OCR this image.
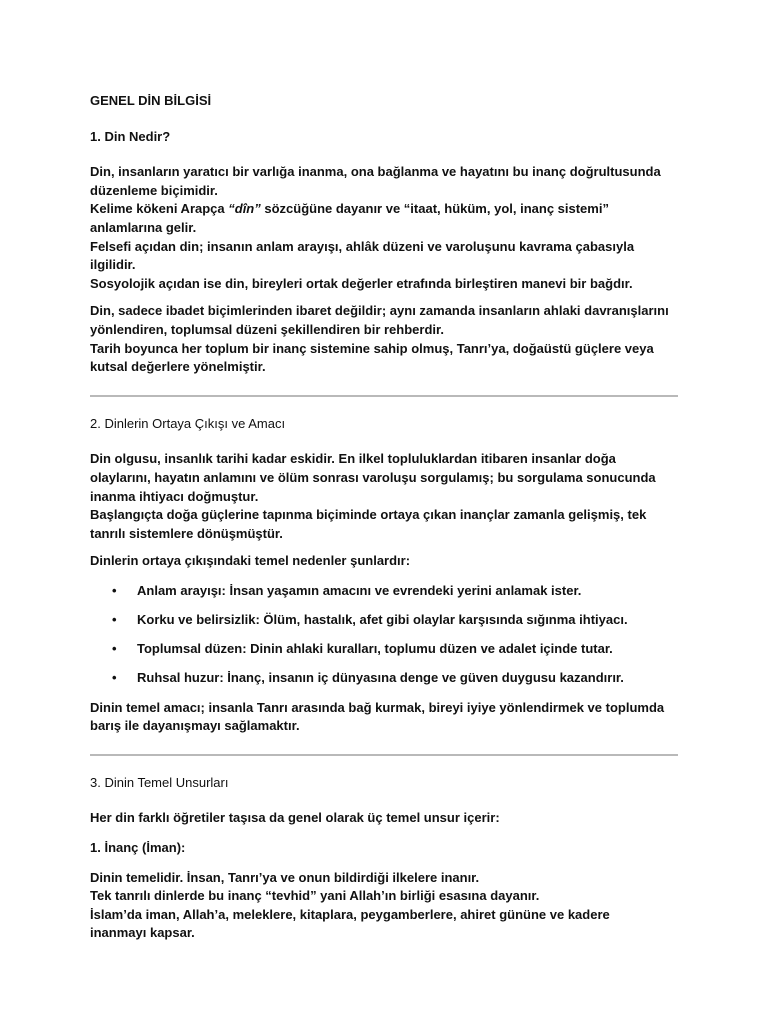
GENEL DİN BİLGİSİ

1. Din Nedir?

Din, insanların yaratıcı bir varlığa inanma, ona bağlanma ve hayatını bu inanç doğrultusunda

düzenleme biçimidir.

Kelime kökeni Arapça “dîn” sözcüğüne dayanır ve “itaat, hüküm, yol, inanç sistemi”

anlamlarına gelir.

Felsefi açıdan din; insanın anlam arayışı, ahlâk düzeni ve varoluşunu kavrama çabasıyla

ilgilidir.

Sosyolojik açıdan ise din, bireyleri ortak değerler etrafında birleştiren manevi bir bağdır.

Din, sadece ibadet biçimlerinden ibaret değildir; aynı zamanda insanların ahlaki davranışlarını

yönlendiren, toplumsal düzeni şekillendiren bir rehberdir.

Tarih boyunca her toplum bir inanç sistemine sahip olmuş, Tanrı’ya, doğaüstü güçlere veya

kutsal değerlere yönelmiştir.

2. Dinlerin Ortaya Çıkışı ve Amacı

Din olgusu, insanlık tarihi kadar eskidir. En ilkel topluluklardan itibaren insanlar doğa

olaylarını, hayatın anlamını ve ölüm sonrası varoluşu sorgulamış; bu sorgulama sonucunda

inanma ihtiyacı doğmuştur.

Başlangıçta doğa güçlerine tapınma biçiminde ortaya çıkan inançlar zamanla gelişmiş, tek

tanrılı sistemlere dönüşmüştür.

Dinlerin ortaya çıkışındaki temel nedenler şunlardır:

• Anlam arayışı: İnsan yaşamın amacını ve evrendeki yerini anlamak ister.
• Korku ve belirsizlik: Ölüm, hastalık, afet gibi olaylar karşısında sığınma ihtiyacı.
• Toplumsal düzen: Dinin ahlaki kuralları, toplumu düzen ve adalet içinde tutar.
• Ruhsal huzur: İnanç, insanın iç dünyasına denge ve güven duygusu kazandırır.

Dinin temel amacı; insanla Tanrı arasında bağ kurmak, bireyi iyiye yönlendirmek ve toplumda

barış ile dayanışmayı sağlamaktır.

3. Dinin Temel Unsurları

Her din farklı öğretiler taşısa da genel olarak üç temel unsur içerir:

1. İnanç (İman):

Dinin temelidir. İnsan, Tanrı’ya ve onun bildirdiği ilkelere inanır.

Tek tanrılı dinlerde bu inanç “tevhid” yani Allah’ın birliği esasına dayanır.

İslam’da iman, Allah’a, meleklere, kitaplara, peygamberlere, ahiret gününe ve kadere

inanmayı kapsar.
